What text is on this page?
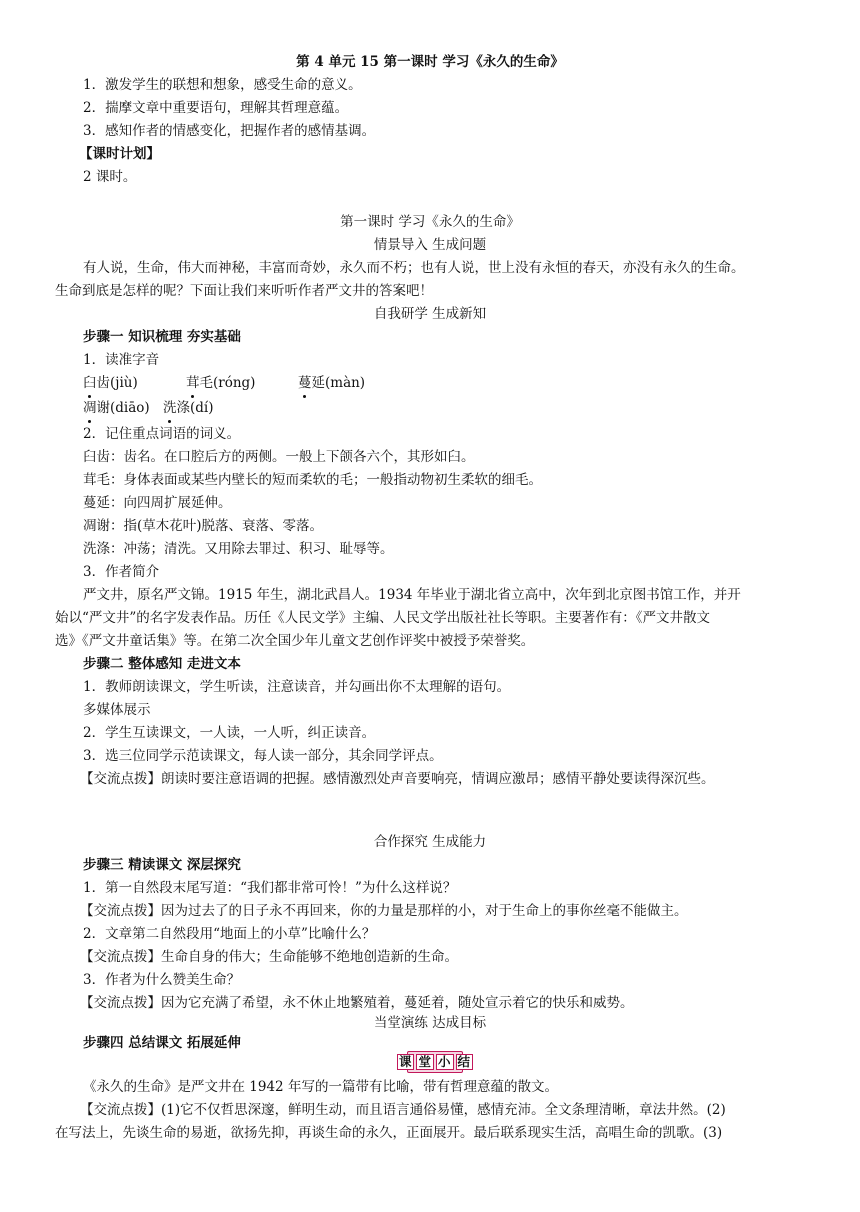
第 4 单元 15 第一课时 学习《永久的生命》
1．激发学生的联想和想象，感受生命的意义。
2．揣摩文章中重要语句，理解其哲理意蕴。
3．感知作者的情感变化，把握作者的感情基调。
【课时计划】
2 课时。
第一课时 学习《永久的生命》
情景导入 生成问题
有人说，生命，伟大而神秘，丰富而奇妙，永久而不朽；也有人说，世上没有永恒的春天，亦没有永久的生命。
生命到底是怎样的呢？下面让我们来听听作者严文井的答案吧！
自我研学 生成新知
步骤一 知识梳理 夯实基础
1．读准字音
臼齿(jiù)	茸毛(róng)	蔓延(màn)
凋谢(diāo) 洗涤(dí)
2．记住重点词语的词义。
臼齿：齿名。在口腔后方的两侧。一般上下颌各六个，其形如臼。
茸毛：身体表面或某些内壁长的短而柔软的毛；一般指动物初生柔软的细毛。
蔓延：向四周扩展延伸。
凋谢：指(草木花叶)脱落、衰落、零落。
洗涤：冲荡；清洗。又用除去罪过、积习、耻辱等。
3．作者简介
严文井，原名严文锦。1915 年生，湖北武昌人。1934 年毕业于湖北省立高中，次年到北京图书馆工作，并开
始以“严文井”的名字发表作品。历任《人民文学》主编、人民文学出版社社长等职。主要著作有：《严文井散文
选》《严文井童话集》等。在第二次全国少年儿童文艺创作评奖中被授予荣誉奖。
步骤二 整体感知 走进文本
1．教师朗读课文，学生听读，注意读音，并勾画出你不太理解的语句。
多媒体展示
2．学生互读课文，一人读，一人听，纠正读音。
3．选三位同学示范读课文，每人读一部分，其余同学评点。
【交流点拨】朗读时要注意语调的把握。感情激烈处声音要响亮，情调应激昂；感情平静处要读得深沉些。
合作探究 生成能力
步骤三 精读课文 深层探究
1．第一自然段末尾写道：“我们都非常可怜！”为什么这样说？
【交流点拨】因为过去了的日子永不再回来，你的力量是那样的小，对于生命上的事你丝毫不能做主。
2．文章第二自然段用“地面上的小草”比喻什么？
【交流点拨】生命自身的伟大；生命能够不绝地创造新的生命。
3．作者为什么赞美生命？
【交流点拨】因为它充满了希望，永不休止地繁殖着，蔓延着，随处宣示着它的快乐和威势。
当堂演练 达成目标
步骤四 总结课文 拓展延伸
课 堂 小 结
《永久的生命》是严文井在 1942 年写的一篇带有比喻，带有哲理意蕴的散文。
【交流点拨】(1)它不仅哲思深邃，鲜明生动，而且语言通俗易懂，感情充沛。全文条理清晰，章法井然。(2)
在写法上，先谈生命的易逝，欲扬先抑，再谈生命的永久，正面展开。最后联系现实生活，高唱生命的凯歌。(3)
